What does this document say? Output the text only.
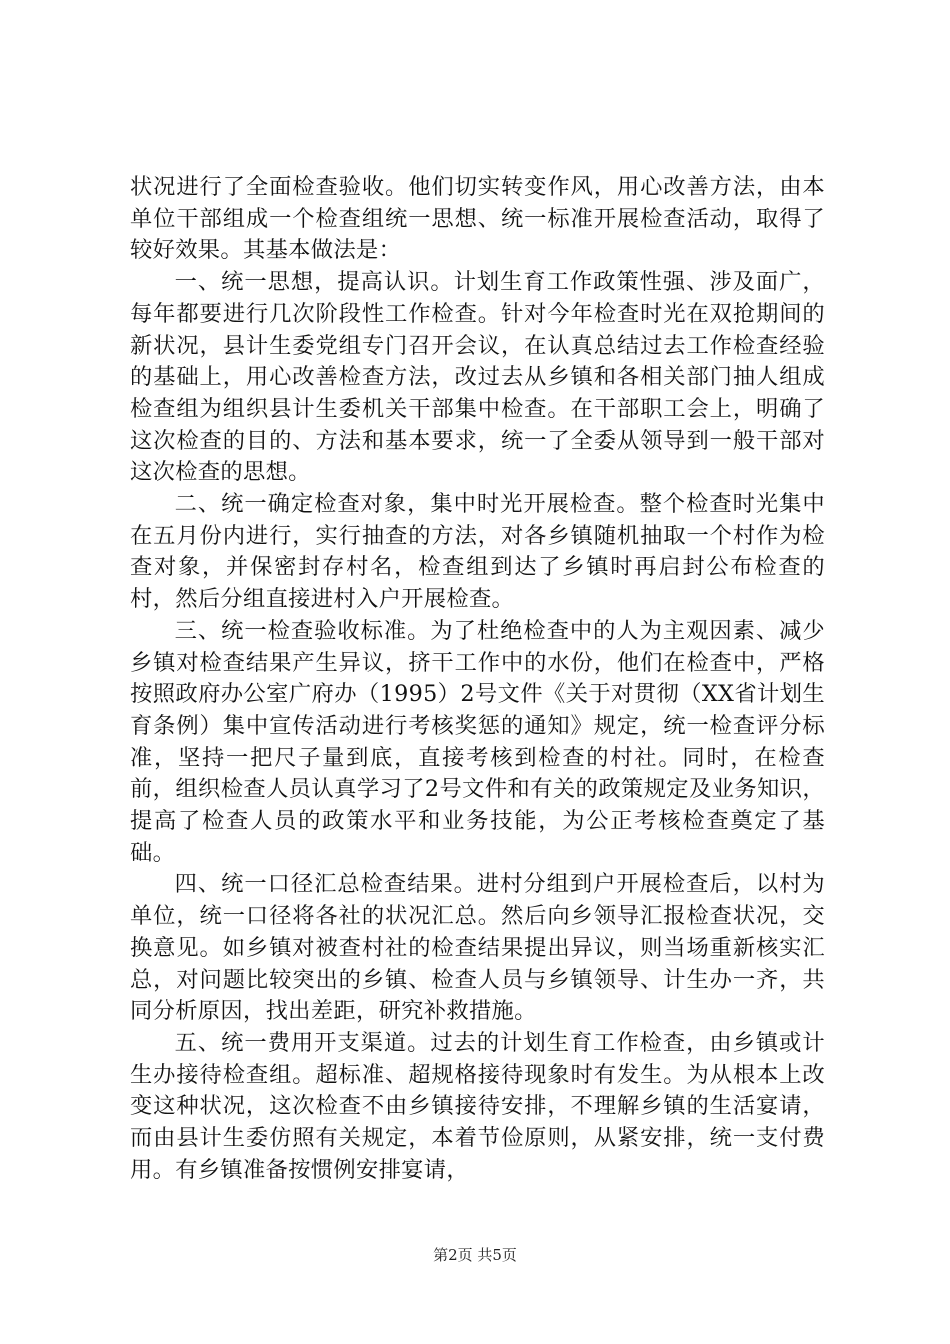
状况进行了全面检查验收。他们切实转变作风，用心改善方法，由本单位干部组成一个检查组统一思想、统一标准开展检查活动，取得了较好效果。其基本做法是：

一、统一思想，提高认识。计划生育工作政策性强、涉及面广，每年都要进行几次阶段性工作检查。针对今年检查时光在双抢期间的新状况，县计生委党组专门召开会议，在认真总结过去工作检查经验的基础上，用心改善检查方法，改过去从乡镇和各相关部门抽人组成检查组为组织县计生委机关干部集中检查。在干部职工会上，明确了这次检查的目的、方法和基本要求，统一了全委从领导到一般干部对这次检查的思想。

二、统一确定检查对象，集中时光开展检查。整个检查时光集中在五月份内进行，实行抽查的方法，对各乡镇随机抽取一个村作为检查对象，并保密封存村名，检查组到达了乡镇时再启封公布检查的村，然后分组直接进村入户开展检查。

三、统一检查验收标准。为了杜绝检查中的人为主观因素、减少乡镇对检查结果产生异议，挤干工作中的水份，他们在检查中，严格按照政府办公室广府办（1995）2号文件《关于对贯彻（XX省计划生育条例）集中宣传活动进行考核奖惩的通知》规定，统一检查评分标准，坚持一把尺子量到底，直接考核到检查的村社。同时，在检查前，组织检查人员认真学习了2号文件和有关的政策规定及业务知识，提高了检查人员的政策水平和业务技能，为公正考核检查奠定了基础。

四、统一口径汇总检查结果。进村分组到户开展检查后，以村为单位，统一口径将各社的状况汇总。然后向乡领导汇报检查状况，交换意见。如乡镇对被查村社的检查结果提出异议，则当场重新核实汇总，对问题比较突出的乡镇、检查人员与乡镇领导、计生办一齐，共同分析原因，找出差距，研究补救措施。

五、统一费用开支渠道。过去的计划生育工作检查，由乡镇或计生办接待检查组。超标准、超规格接待现象时有发生。为从根本上改变这种状况，这次检查不由乡镇接待安排，不理解乡镇的生活宴请，而由县计生委仿照有关规定，本着节俭原则，从紧安排，统一支付费用。有乡镇准备按惯例安排宴请，

第2页 共5页
